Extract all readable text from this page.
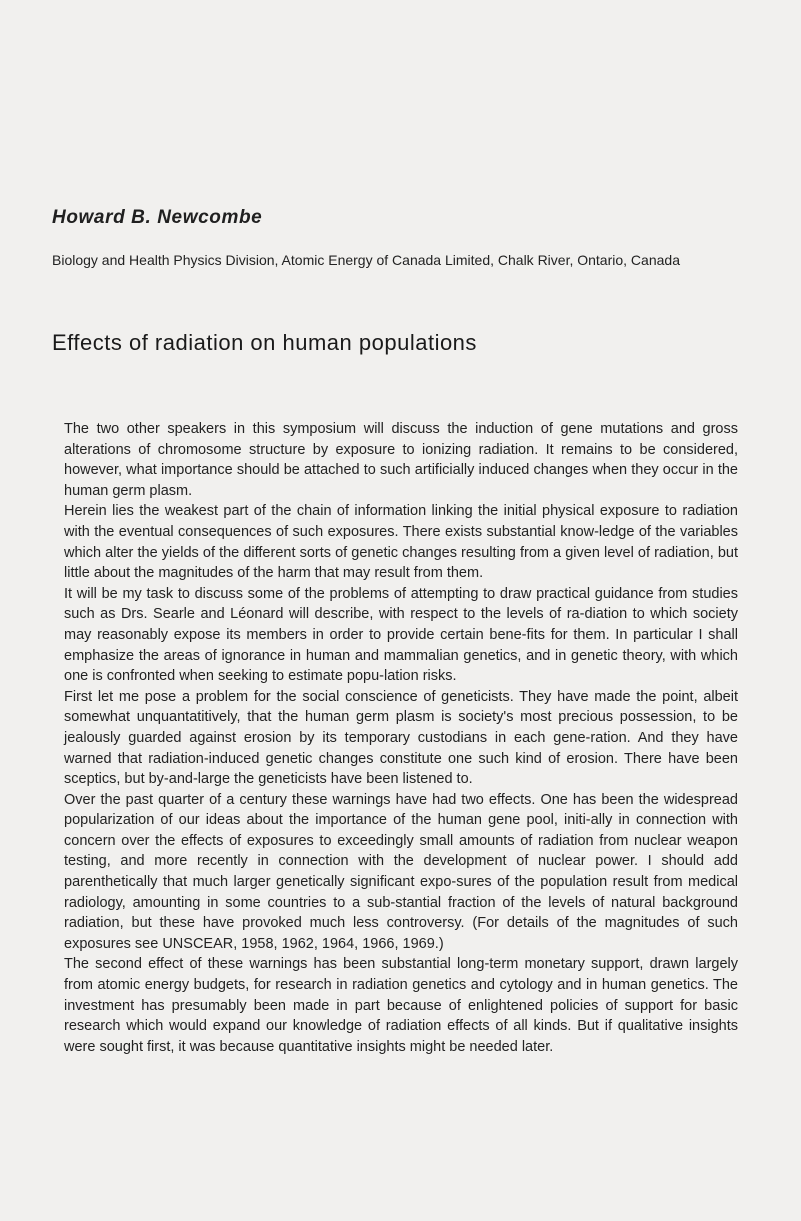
Howard B. Newcombe

Biology and Health Physics Division, Atomic Energy of Canada Limited, Chalk River, Ontario, Canada

Effects of radiation on human populations

The two other speakers in this symposium will discuss the induction of gene mutations and gross alterations of chromosome structure by exposure to ionizing radiation. It remains to be considered, however, what importance should be attached to such artificially induced changes when they occur in the human germ plasm.

Herein lies the weakest part of the chain of information linking the initial physical exposure to radiation with the eventual consequences of such exposures. There exists substantial know-ledge of the variables which alter the yields of the different sorts of genetic changes resulting from a given level of radiation, but little about the magnitudes of the harm that may result from them.

It will be my task to discuss some of the problems of attempting to draw practical guidance from studies such as Drs. Searle and Léonard will describe, with respect to the levels of ra-diation to which society may reasonably expose its members in order to provide certain bene-fits for them. In particular I shall emphasize the areas of ignorance in human and mammalian genetics, and in genetic theory, with which one is confronted when seeking to estimate popu-lation risks.

First let me pose a problem for the social conscience of geneticists. They have made the point, albeit somewhat unquantatitively, that the human germ plasm is society's most precious possession, to be jealously guarded against erosion by its temporary custodians in each gene-ration. And they have warned that radiation-induced genetic changes constitute one such kind of erosion. There have been sceptics, but by-and-large the geneticists have been listened to.

Over the past quarter of a century these warnings have had two effects. One has been the widespread popularization of our ideas about the importance of the human gene pool, initi-ally in connection with concern over the effects of exposures to exceedingly small amounts of radiation from nuclear weapon testing, and more recently in connection with the development of nuclear power. I should add parenthetically that much larger genetically significant expo-sures of the population result from medical radiology, amounting in some countries to a sub-stantial fraction of the levels of natural background radiation, but these have provoked much less controversy. (For details of the magnitudes of such exposures see UNSCEAR, 1958, 1962, 1964, 1966, 1969.)

The second effect of these warnings has been substantial long-term monetary support, drawn largely from atomic energy budgets, for research in radiation genetics and cytology and in human genetics. The investment has presumably been made in part because of enlightened policies of support for basic research which would expand our knowledge of radiation effects of all kinds. But if qualitative insights were sought first, it was because quantitative insights might be needed later.
